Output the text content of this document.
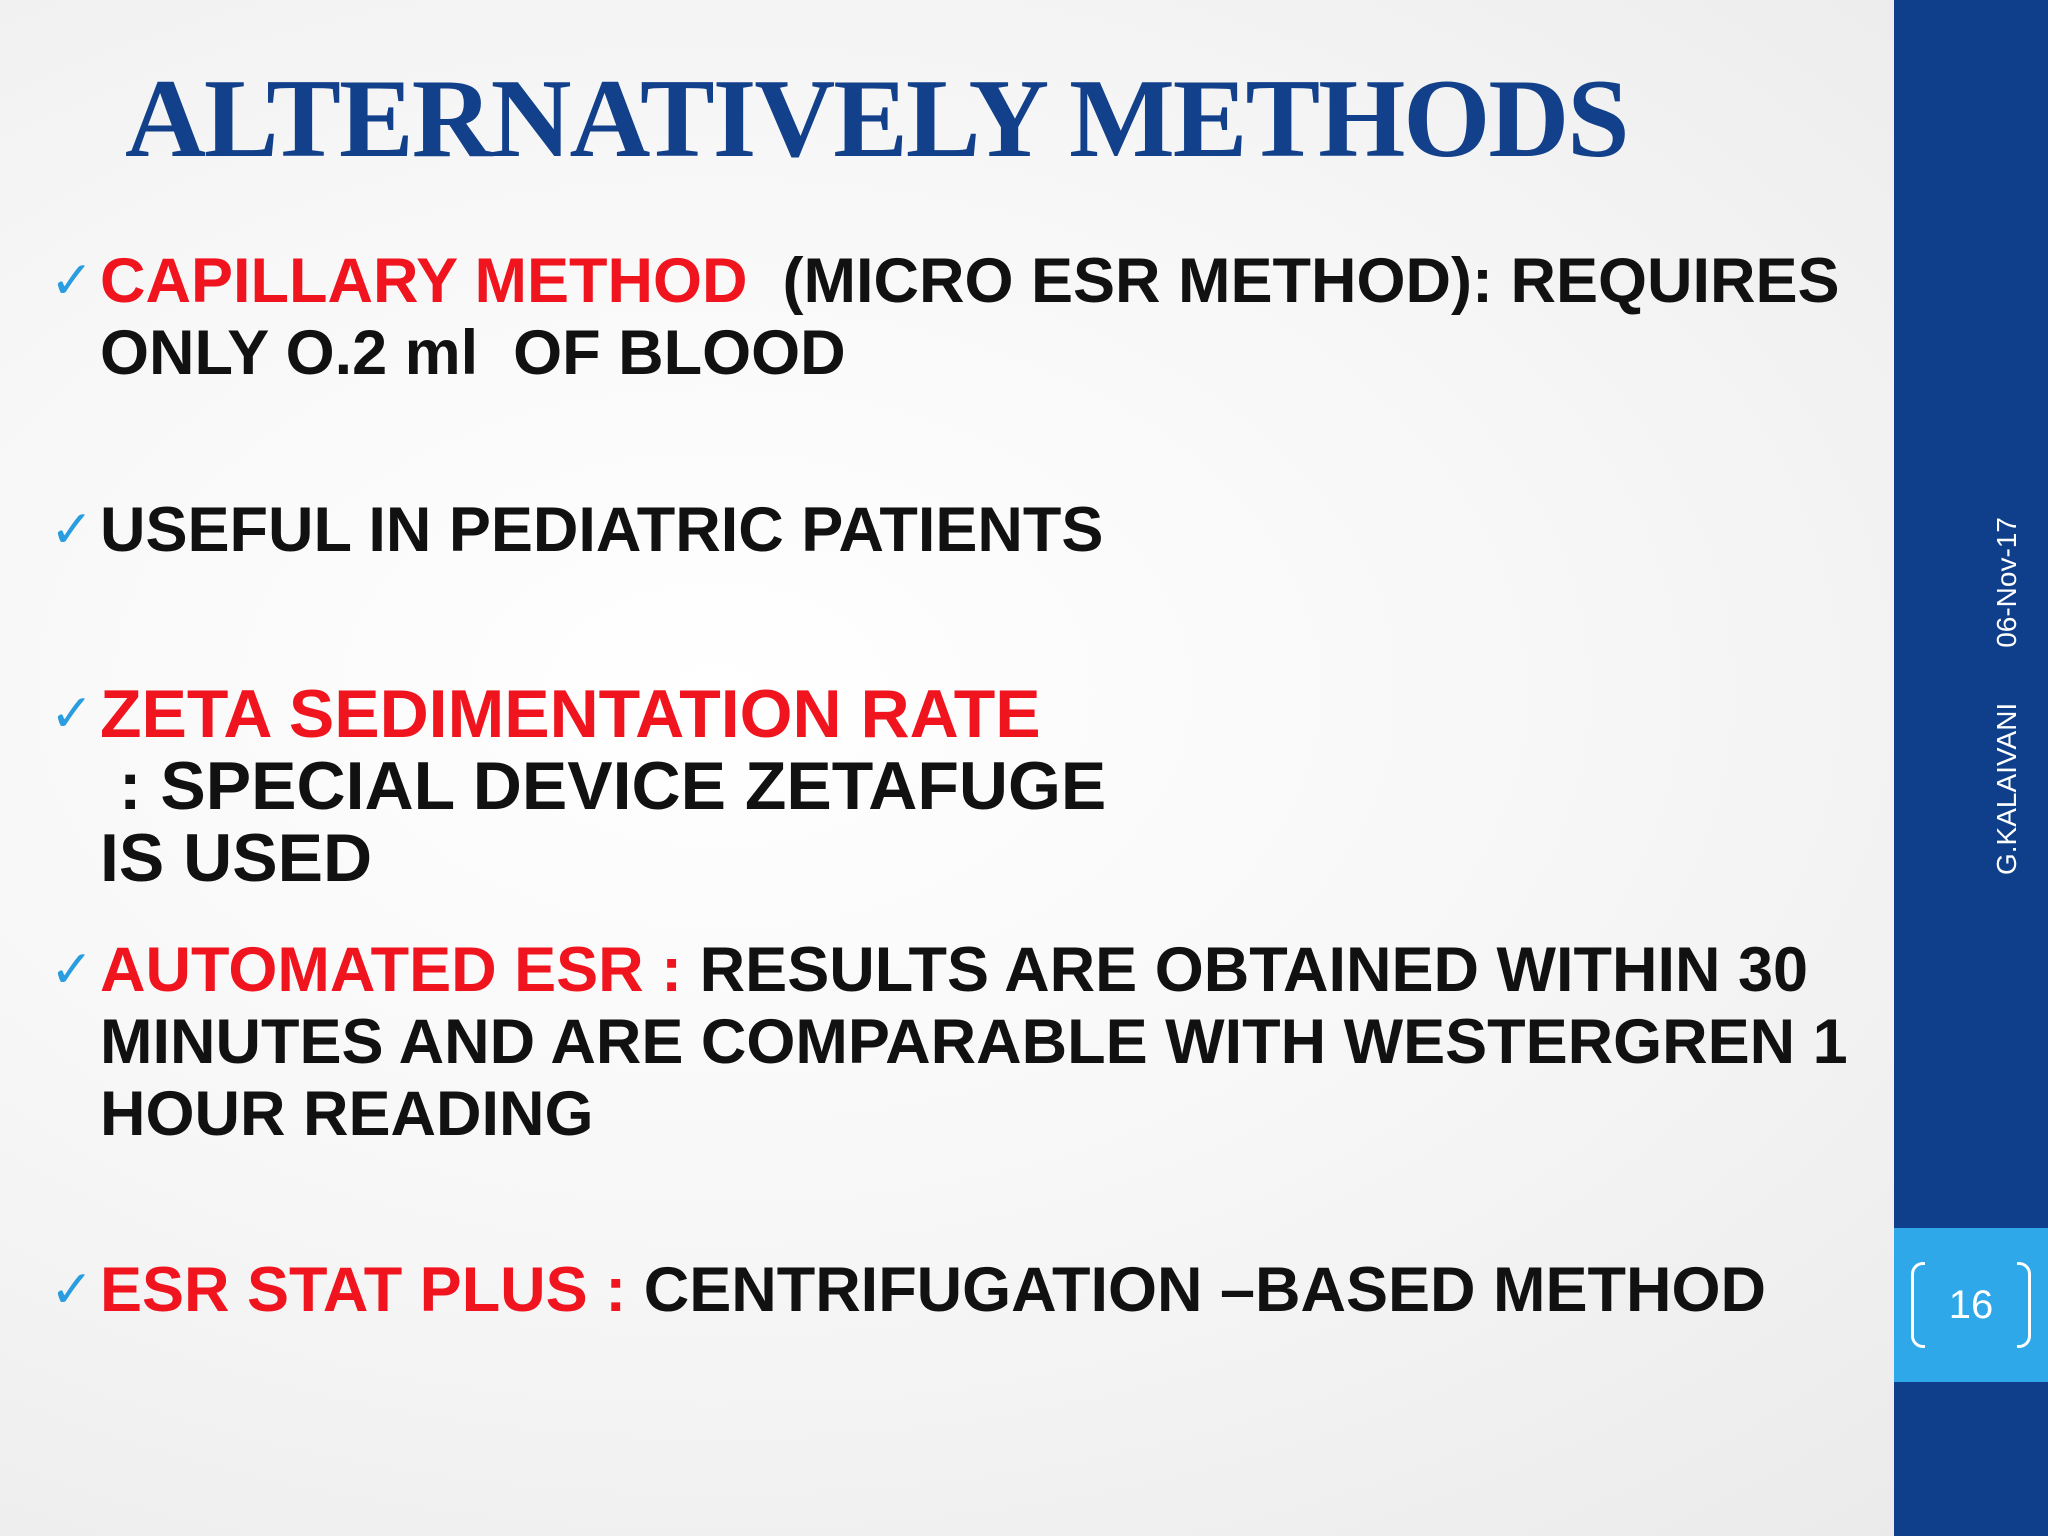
ALTERNATIVELY METHODS
✓ CAPILLARY METHOD  (MICRO ESR METHOD): REQUIRES
ONLY O.2 ml  OF BLOOD
✓ USEFUL IN PEDIATRIC PATIENTS
✓ ZETA SEDIMENTATION RATE : SPECIAL DEVICE ZETAFUGE
IS USED
✓ AUTOMATED ESR : RESULTS ARE OBTAINED WITHIN 30
MINUTES AND ARE COMPARABLE WITH WESTERGREN 1
HOUR READING
✓ ESR STAT PLUS : CENTRIFUGATION –BASED METHOD
G.KALAIVANI06-Nov-17
16
